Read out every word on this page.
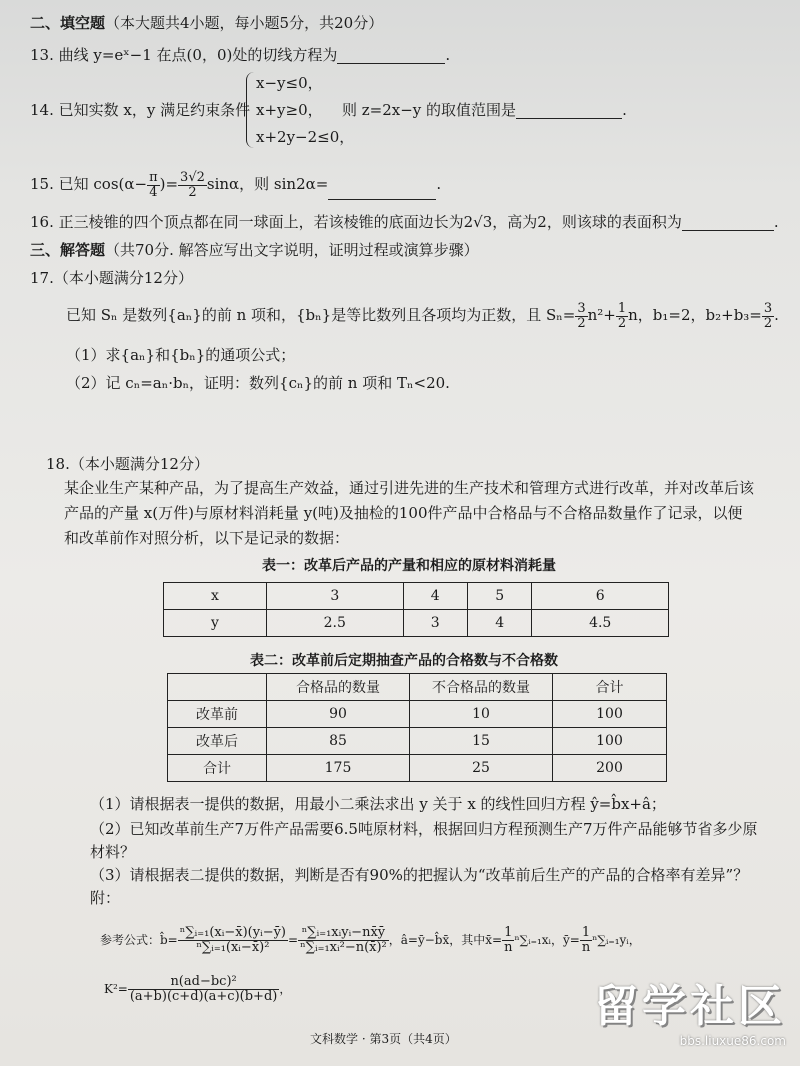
二、填空题（本大题共4小题，每小题5分，共20分）
13. 曲线 y=eˣ−1 在点(0，0)处的切线方程为	.
14. 已知实数 x，y 满足约束条件
x−y≤0，
x+y≥0，
x+2y−2≤0，
则 z=2x−y 的取值范围是	.
15. 已知 $\cos(\alpha- \frac{\pi}{4}$ )= $\frac{3√2}{2}$ sinα，则 sin2α=	.
16. 正三棱锥的四个顶点都在同一球面上，若该棱锥的底面边长为2√3，高为2，则该球的表面积为	.
三、解答题（共70分. 解答应写出文字说明，证明过程或演算步骤）
17.（本小题满分12分）
已知 Sₙ 是数列{aₙ}的前 n 项和，{bₙ}是等比数列且各项均为正数，且 $S_n= \frac{3}{2} n^2+ \frac{1}{2}$ n，b₁=2，$b_2+b_3= \frac{3}{2}$ .
（1）求{aₙ}和{bₙ}的通项公式；
（2）记 cₙ=aₙ·bₙ，证明：数列{cₙ}的前 n 项和 Tₙ<20.
18.（本小题满分12分）
某企业生产某种产品，为了提高生产效益，通过引进先进的生产技术和管理方式进行改革，并对改革后该
产品的产量 x(万件)与原材料消耗量 y(吨)及抽检的100件产品中合格品与不合格品数量作了记录，以便
和改革前作对照分析，以下是记录的数据：
表一：改革后产品的产量和相应的原材料消耗量
x	3	4	5	6
y	2.5	3	4	4.5
表二：改革前后定期抽查产品的合格数与不合格数
	合格品的数量	不合格品的数量	合计
改革前	90	10	100
改革后	85	15	100
合计	175	25	200
（1）请根据表一提供的数据，用最小二乘法求出 y 关于 x 的线性回归方程 ŷ=b̂x+â；
（2）已知改革前生产7万件产品需要6.5吨原材料，根据回归方程预测生产7万件产品能够节省多少原
材料？
（3）请根据表二提供的数据，判断是否有90%的把握认为“改革前后生产的产品的合格率有差异”？
附：
参考公式：b̂= $\frac{\text{ⁿ∑ᵢ₌₁(xᵢ−x̄)(yᵢ−ȳ)}}{\text{ⁿ∑ᵢ₌₁(xᵢ−x̄)²}} = \frac{\text{ⁿ∑ᵢ₌₁xᵢyᵢ−nx̄ȳ}}{\text{ⁿ∑ᵢ₌₁xᵢ²−n(x̄)²}}$ ，â=ȳ−b̂x̄，其中x̄= $\frac{1}{n}$ ⁿ∑ᵢ₌₁xᵢ，ȳ= $\frac{1}{n}$ ⁿ∑ᵢ₌₁yᵢ，
$K^2= \frac{\text{n(ad−bc)²}}{(a+b)(c+d)(a+c)(b+d)}$ ，
文科数学 · 第3页（共4页）
留学社区
bbs.liuxue86.com
